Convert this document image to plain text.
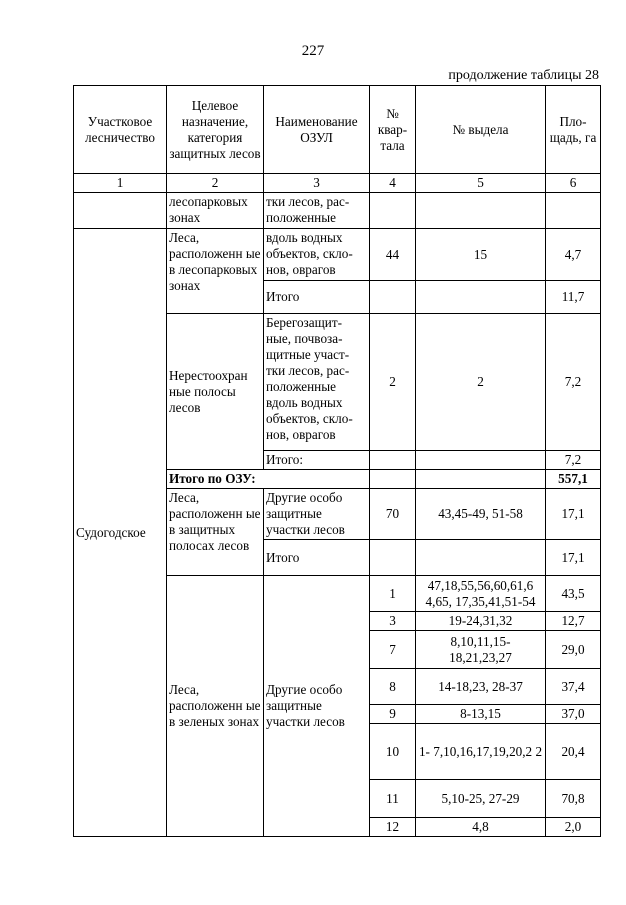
227
продолжение таблицы 28
Участковое лесничество	Целевое назначение, категория защитных лесов	Наименование ОЗУЛ	№ квар-тала	№ выдела	Пло-щадь, га
1	2	3	4	5	6
	лесопарковых зонах	тки лесов, рас-положенные			
Судогодское	Леса, расположенн ые в лесопарковых зонах	вдоль водных объектов, скло-нов, оврагов	44	15	4,7
		Итого			11,7
	Нерестоохран ные полосы лесов	Берегозащит-ные, почвоза-щитные участ-тки лесов, рас-положенные вдоль водных объектов, скло-нов, оврагов	2	2	7,2
		Итого:			7,2
	Итого по ОЗУ:				557,1
	Леса, расположенн ые в защитных полосах лесов	Другие особо защитные участки лесов	70	43,45-49, 51-58	17,1
		Итого			17,1
	Леса, расположенн ые в зеленых зонах	Другие особо защитные участки лесов	1	47,18,55,56,60,61,6 4,65, 17,35,41,51-54	43,5
			3	19-24,31,32	12,7
			7	8,10,11,15- 18,21,23,27	29,0
			8	14-18,23, 28-37	37,4
			9	8-13,15	37,0
			10	1- 7,10,16,17,19,20,2 2	20,4
			11	5,10-25, 27-29	70,8
			12	4,8	2,0
